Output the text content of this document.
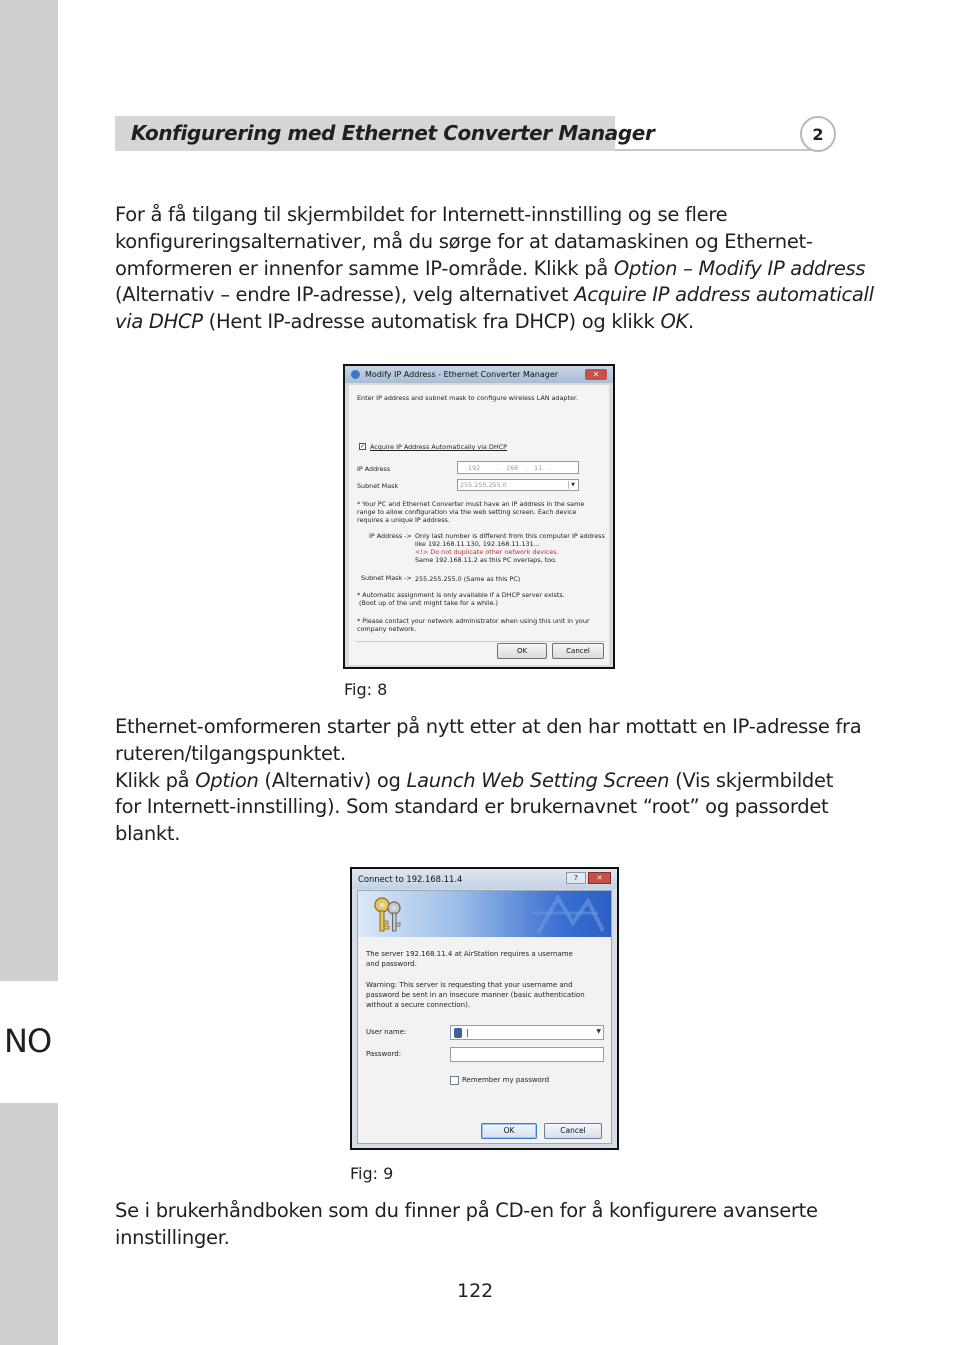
NO
Konfigurering med Ethernet Converter Manager	2
For å få tilgang til skjermbildet for Internett-innstilling og se flere
konfigureringsalternativer, må du sørge for at datamaskinen og Ethernet-
omformeren er innenfor samme IP-område. Klikk på Option – Modify IP address
(Alternativ – endre IP-adresse), velg alternativet Acquire IP address automaticall
via DHCP (Hent IP-adresse automatisk fra DHCP) og klikk OK.
Modify IP Address - Ethernet Converter Manager	✕
Enter IP address and subnet mask to configure wireless LAN adapter.
✓ Acquire IP Address Automatically via DHCP
IP Address	192	. 168 . 11 .
Subnet Mask	255.255.255.0	▼
* Your PC and Ethernet Converter must have an IP address in the same
range to allow configuration via the web setting screen. Each device
requires a unique IP address.
IP Address -> Only last number is different from this computer IP address
like 192.168.11.130, 192.168.11.131...
<!> Do not duplicate other network devices.
Same 192.168.11.2 as this PC overlaps, too.
Subnet Mask -> 255.255.255.0 (Same as this PC)
* Automatic assignment is only available if a DHCP server exists.
(Boot up of the unit might take for a while.)
* Please contact your network administrator when using this unit in your
company network.
OK	Cancel
Fig: 8
Ethernet-omformeren starter på nytt etter at den har mottatt en IP-adresse fra
ruteren/tilgangspunktet.
Klikk på Option (Alternativ) og Launch Web Setting Screen (Vis skjermbildet
for Internett-innstilling). Som standard er brukernavnet “root” og passordet
blankt.
Connect to 192.168.11.4	?	✕
The server 192.168.11.4 at AirStation requires a username
and password.
Warning: This server is requesting that your username and
password be sent in an insecure manner (basic authentication
without a secure connection).
User name:	|	▼
Password:
Remember my password
OK	Cancel
Fig: 9
Se i brukerhåndboken som du finner på CD-en for å konfigurere avanserte
innstillinger.
122
